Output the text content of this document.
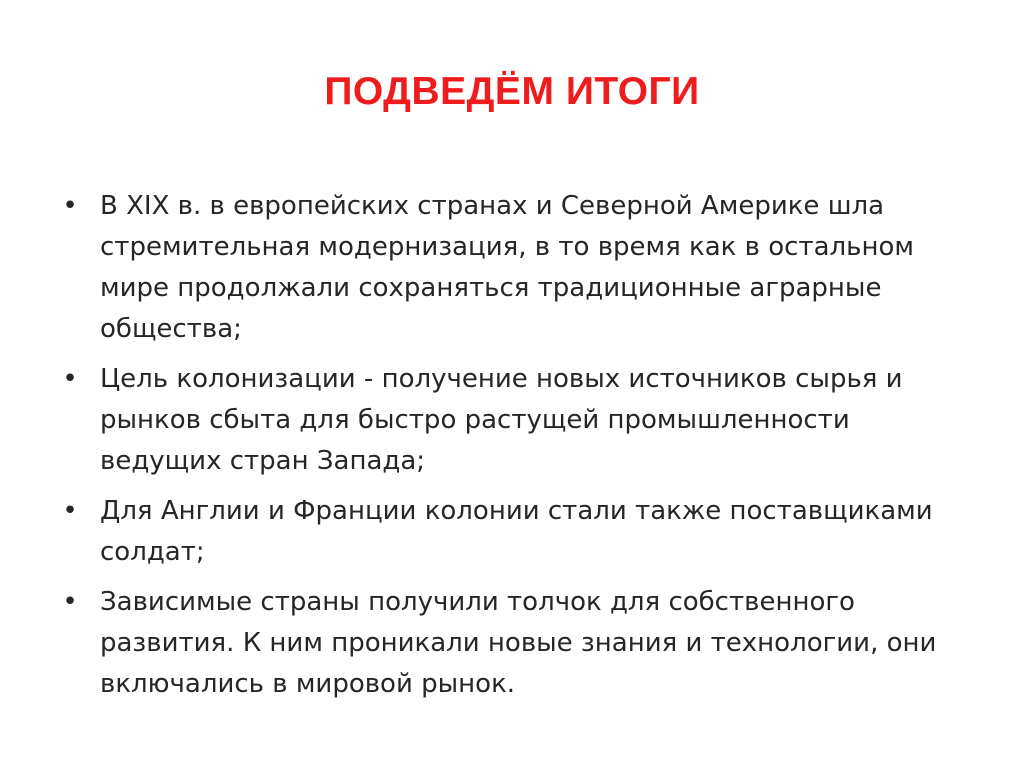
ПОДВЕДЁМ ИТОГИ
• В XIX в. в европейских странах и Северной Америке шла стремительная модернизация, в то время как в остальном мире продолжали сохраняться традиционные аграрные общества;
• Цель колонизации - получение новых источников сырья и рынков сбыта для быстро растущей промышленности ведущих стран Запада;
• Для Англии и Франции колонии стали также поставщиками солдат;
• Зависимые страны получили толчок для собственного развития. К ним проникали новые знания и технологии, они включались в мировой рынок.
